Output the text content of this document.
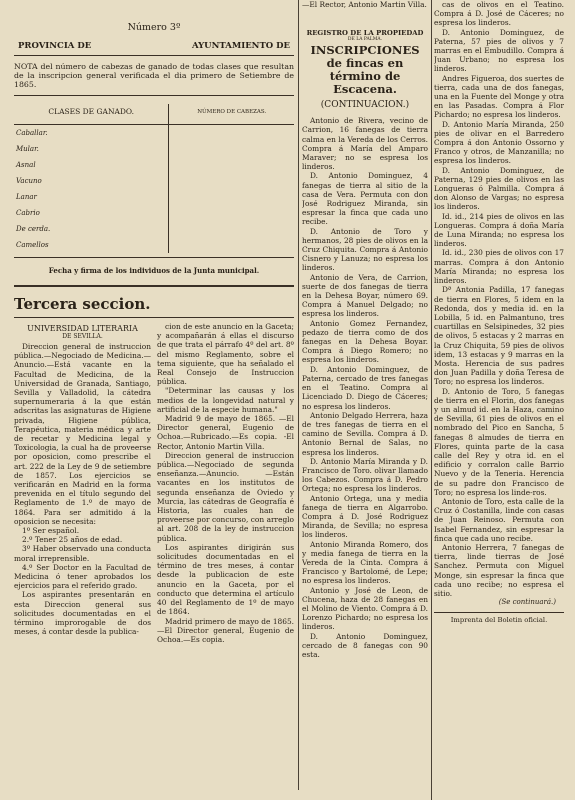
Número 3º
PROVINCIA DE	AYUNTAMIENTO DE
NOTA del número de cabezas de ganado de todas clases que resultan de la inscripcion general verificada el dia primero de Setiembre de 1865.
CLASES DE GANADO.	NÚMERO DE CABEZAS.
Caballar.	
Mular.	
Asnal	
Vacuno	
Lanar	
Cabrio	
De cerda.	
Camellos	
Fecha y firma de los individuos de la Junta municipal.
Tercera seccion.
UNIVERSIDAD LITERARIA
DE SEVILLA.

Direccion general de instruccion pública.—Negociado de Medicina.—Anuncio.—Está vacante en la Facultad de Medicina, de la Universidad de Granada, Santiago, Sevilla y Valladolid, la cátedra supernumeraria á la que están adscritas las asignaturas de Higiene privada, Higiene pública, Terapéutica, materia médica y arte de recetar y Medicina legal y Toxicologia, la cual ha de proveerse por oposicion, como prescribe el art. 222 de la Ley de 9 de setiembre de 1857. Los ejercicios se verificarán en Madrid en la forma prevenida en el título segundo del Reglamento de 1.º de mayo de 1864. Para ser admitido á la oposicion se necesita:

1º Ser español.

2.º Tener 25 años de edad.

3º Haber observado una conducta moral irreprensible.

4.º Ser Doctor en la Facultad de Medicina ó tener aprobados los ejercicios para el referido grado.

Los aspirantes presentarán en esta Direccion general sus solicitudes documentadas en el término improrogable de dos meses, á contar desde la publica-

cion de este anuncio en la Gaceta; y acompañarán á ellas el discurso de que trata el párrafo 4º del art. 8º del mismo Reglamento, sobre el tema siguiente, que ha señalado el Real Consejo de Instruccion pública.

"Determinar las causas y los medios de la longevidad natural y artificial de la especie humana."

Madrid 9 de mayo de 1865. —El Director general, Eugenio de Ochoa.—Rubricado.—Es copia. -El Rector, Antonio Martin Villa.

Direccion general de instruccion pública.—Negociado de segunda enseñanza.—Anuncio. —Están vacantes en los institutos de segunda enseñanza de Oviedo y Murcia, las cátedras de Geografía é Historia, las cuales han de proveerse por concurso, con arreglo al art. 208 de la ley de instruccion pública.

Los aspirantes dirigirán sus solicitudes documentadas en el término de tres meses, á contar desde la publicacion de este anuncio en la Gaceta, por el conducto que determina el artículo 40 del Reglamento de 1º de mayo de 1864.

Madrid primero de mayo de 1865.—El Director general, Eugenio de Ochoa.—Es copia.

—El Rector, Antonio Martin Villa.

REGISTRO DE LA PROPIEDAD
DE LA PALMA.
INSCRIPCIONES de fincas en término de Escacena.
(CONTINUACION.)

Antonio de Rivera, vecino de Carrion, 16 fanegas de tierra calma en la Vereda de los Cerros. Compra á María del Amparo Maraver; no se espresa los linderos.

D. Antonio Dominguez, 4 fanegas de tierra al sitio de la casa de Vera. Permuta con don José Rodriguez Miranda, sin espresar la finca que cada uno recibe.

D. Antonio de Toro y hermanos, 28 pies de olivos en la Cruz Chiquita. Compra á Antonio Cisnero y Lanuza; no espresa los linderos.

Antonio de Vera, de Carrion, suerte de dos fanegas de tierra en la Dehesa Boyar, número 69. Compra á Manuel Delgado; no espresa los linderos.

Antonio Gomez Fernandez, pedazo de tierra como de dos fanegas en la Dehesa Boyar. Compra á Diego Romero; no espresa los linderos.

D. Antonio Dominguez, de Paterna, cercado de tres fanegas en el Teatino. Compra al Licenciado D. Diego de Cáceres; no espresa los linderos.

Antonio Delgado Herrera, haza de tres fanegas de tierra en el camino de Sevilla. Compra á D. Antonio Bernal de Salas, no espresa los linderos.

D. Antonio María Miranda y D. Francisco de Toro. olivar llamado los Cabezos. Compra á D. Pedro Ortega; no espresa los linderos.

Antonio Ortega, una y media fanega de tierra en Algarrobo. Compra á D. José Rodriguez Miranda, de Sevilla; no espresa los linderos.

Antonio Miranda Romero, dos y media fanega de tierra en la Vereda de la Cinta. Compra á Francisco y Bartolomé, de Lepe; no espresa los linderos.

Antonio y José de Leon, de Chucena, haza de 28 fanegas en el Molino de Viento. Compra á D. Lorenzo Pichardo; no espresa los linderos.

D. Antonio Dominguez, cercado de 8 fanegas con 90 esta.

cas de olivos en el Teatino. Compra á D. José de Cáceres; no espresa los linderos.

D. Antonio Dominguez, de Paterna, 57 pies de olivos y 7 marras en el Embudillo. Compra á Juan Urbano; no espresa los linderos.

Andres Figueroa, dos suertes de tierra, cada una de dos fanegas, una en la Fuente del Monge y otra en las Pasadas. Compra á Flor Pichardo; no espresa los linderos.

D. Antonio María Miranda, 250 pies de olivar en el Barredero Compra á don Antonio Ossorno y Franco y otros, de Manzanilla; no espresa los linderos.

D. Antonio Dominguez, de Paterna, 129 pies de olivos en las Longueras ó Palmilla. Compra á don Alonso de Vargas; no espresa los linderos.

Id. id., 214 pies de olivos en las Longueras. Compra á doña María de Luna Miranda; no espresa los linderos.

Id. id., 230 pies de olivos con 17 marras. Compra á don Antonio María Miranda; no espresa los linderos.

Dª Antonia Padilla, 17 fanegas de tierra en Flores, 5 idem en la Redonda, dos y media id. en la Lobilla, 5 id. en Palmantuno, tres cuartillas en Selsipinedes, 32 pies de olivos, 5 estacas y 2 marras en la Cruz Chiquita, 59 pies de olivos idem, 13 estacas y 9 marras en la Mosta. Herencia de sus padres don Juan Padilla y doña Teresa de Toro; no espresa los linderos.

D. Antonio de Toro, 5 fanegas de tierra en el Florin, dos fanegas y un almud id. en la Haza, camino de Sevilla, 61 pies de olivos en el nombrado del Pico en Sancha, 5 fanegas 8 almudes de tierra en Flores, quinta parte de la casa calle del Rey y otra id. en el edificio y corralon calle Barrio Nuevo y de la Teneria. Herencia de su padre don Francisco de Toro; no espresa los linde-ros.

Antonio de Toro, esta calle de la Cruz ó Costanilla, linde con casas de Juan Reinoso. Permuta con Isabel Fernandez, sin espresar la finca que cada uno recibe.

Antonio Herrera, 7 fanegas de tierra, linde tierras de José Sanchez. Permuta con Miguel Monge, sin espresar la finca que cada uno recibe; no espresa el sitio.

(Se continuará.)
Imprenta del Boletin oficial.
